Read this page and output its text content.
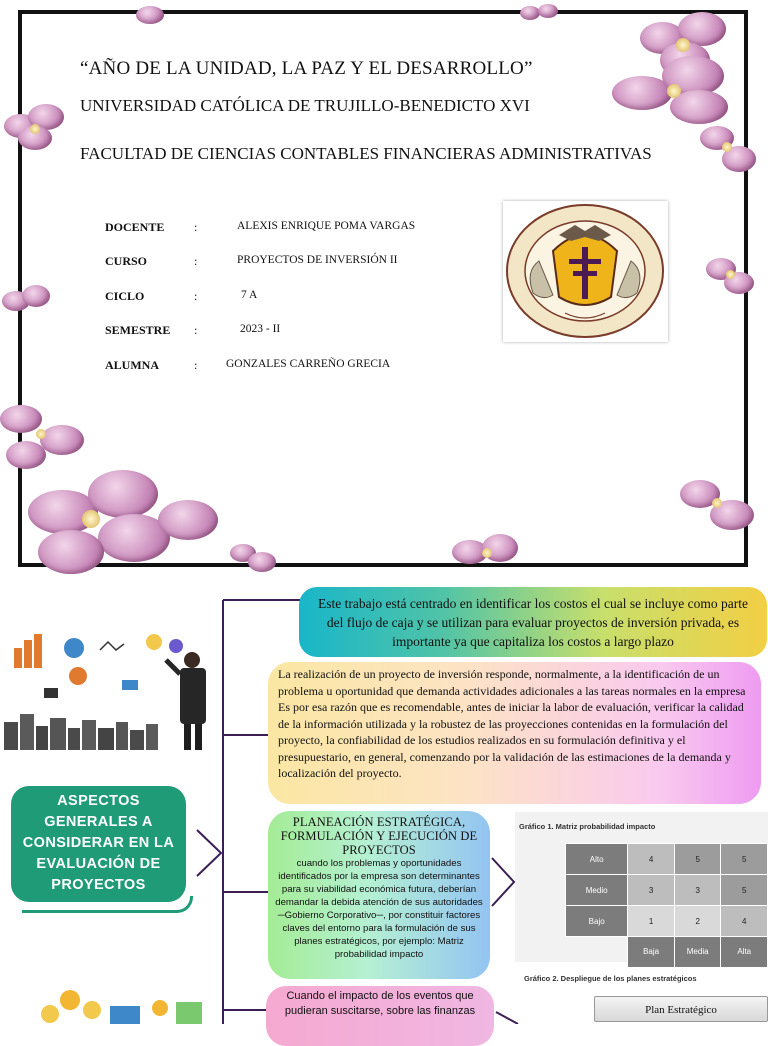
“AÑO DE LA UNIDAD, LA PAZ Y EL DESARROLLO”
UNIVERSIDAD CATÓLICA DE TRUJILLO-BENEDICTO XVI
FACULTAD DE CIENCIAS CONTABLES FINANCIERAS ADMINISTRATIVAS
DOCENTE :	ALEXIS ENRIQUE POMA VARGAS
CURSO	:	PROYECTOS DE INVERSIÓN II
CICLO	:	7 A
SEMESTRE :	2023 - II
ALUMNA	: GONZALES CARREÑO GRECIA
ASPECTOS GENERALES A CONSIDERAR EN LA EVALUACIÓN DE PROYECTOS
Este trabajo está centrado en identificar los costos el cual se incluye como parte del flujo de caja y se utilizan para evaluar proyectos de inversión privada, es importante ya que capitaliza los costos a largo plazo
La realización de un proyecto de inversión responde, normalmente, a la identificación de un problema u oportunidad que demanda actividades adicionales a las tareas normales en la empresa
Es por esa razón que es recomendable, antes de iniciar la labor de evaluación, verificar la calidad de la información utilizada y la robustez de las proyecciones contenidas en la formulación del proyecto, la confiabilidad de los estudios realizados en su formulación definitiva y el presupuestario, en general, comenzando por la validación de las estimaciones de la demanda y localización del proyecto.
PLANEACIÓN ESTRATÉGICA, FORMULACIÓN Y EJECUCIÓN DE PROYECTOS
cuando los problemas y oportunidades identificados por la empresa son determinantes para su viabilidad económica futura, deberían demandar la debida atención de sus autoridades ─Gobierno Corporativo─, por constituir factores claves del entorno para la formulación de sus planes estratégicos, por ejemplo: Matriz probabilidad impacto
Cuando el impacto de los eventos que pudieran suscitarse, sobre las finanzas
Gráfico 1. Matriz probabilidad impacto
Alto	4	5	5
Medio	3	3	5
Bajo	1	2	4
	Baja	Media	Alta
Gráfico 2. Despliegue de los planes estratégicos
Plan Estratégico
